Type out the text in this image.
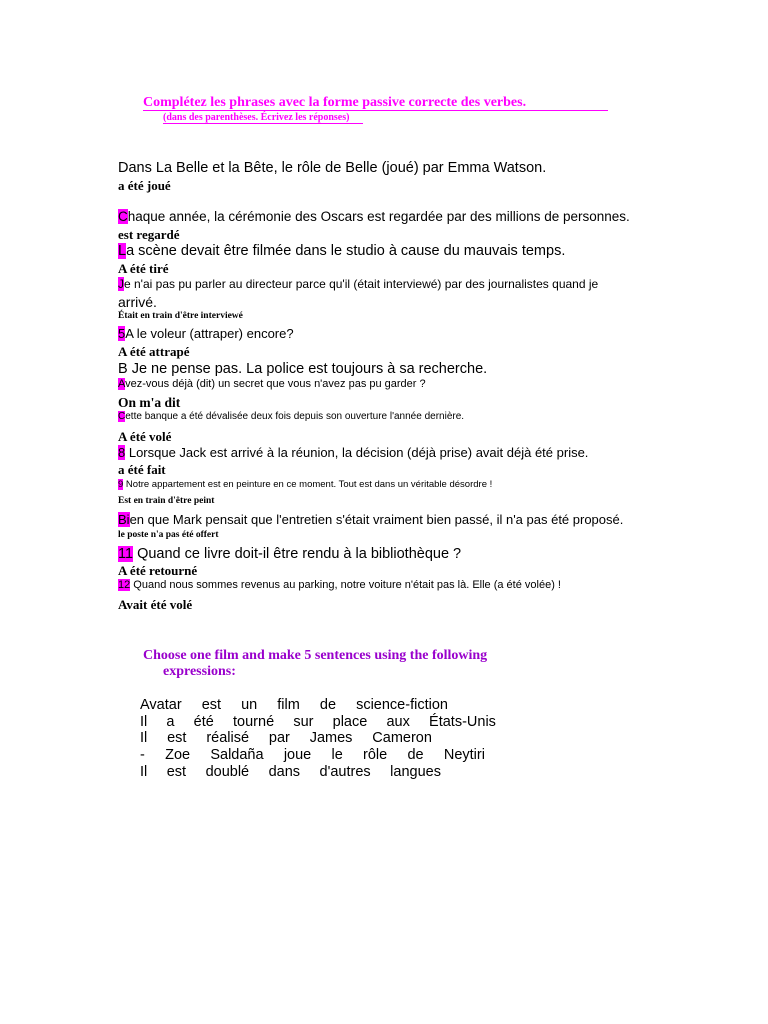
Complétez les phrases avec la forme passive correcte des verbes.
(dans des parenthèses. Écrivez les réponses)
Dans La Belle et la Bête, le rôle de Belle (joué) par Emma Watson.
a été joué
Chaque année, la cérémonie des Oscars est regardée par des millions de personnes.
est regardé
La scène devait être filmée dans le studio à cause du mauvais temps.
A été tiré
Je n'ai pas pu parler au directeur parce qu'il (était interviewé) par des journalistes quand je
arrivé.
Était en train d'être interviewé
5A le voleur (attraper) encore?
A été attrapé
B Je ne pense pas. La police est toujours à sa recherche.
Avez-vous déjà (dit) un secret que vous n'avez pas pu garder ?
On m'a dit
Cette banque a été dévalisée deux fois depuis son ouverture l'année dernière.
A été volé
8 Lorsque Jack est arrivé à la réunion, la décision (déjà prise) avait déjà été prise.
a été fait
9 Notre appartement est en peinture en ce moment. Tout est dans un véritable désordre !
Est en train d'être peint
Bien que Mark pensait que l'entretien s'était vraiment bien passé, il n'a pas été proposé.
le poste n'a pas été offert
11 Quand ce livre doit-il être rendu à la bibliothèque ?
A été retourné
12 Quand nous sommes revenus au parking, notre voiture n'était pas là. Elle (a été volée) !
Avait été volé
Choose one film and make 5 sentences using the following
expressions:
Avatar est un film de science-fiction
Il a été tourné sur place aux États-Unis
Il est réalisé par James Cameron
- Zoe Saldaña joue le rôle de Neytiri
Il est doublé dans d'autres langues
